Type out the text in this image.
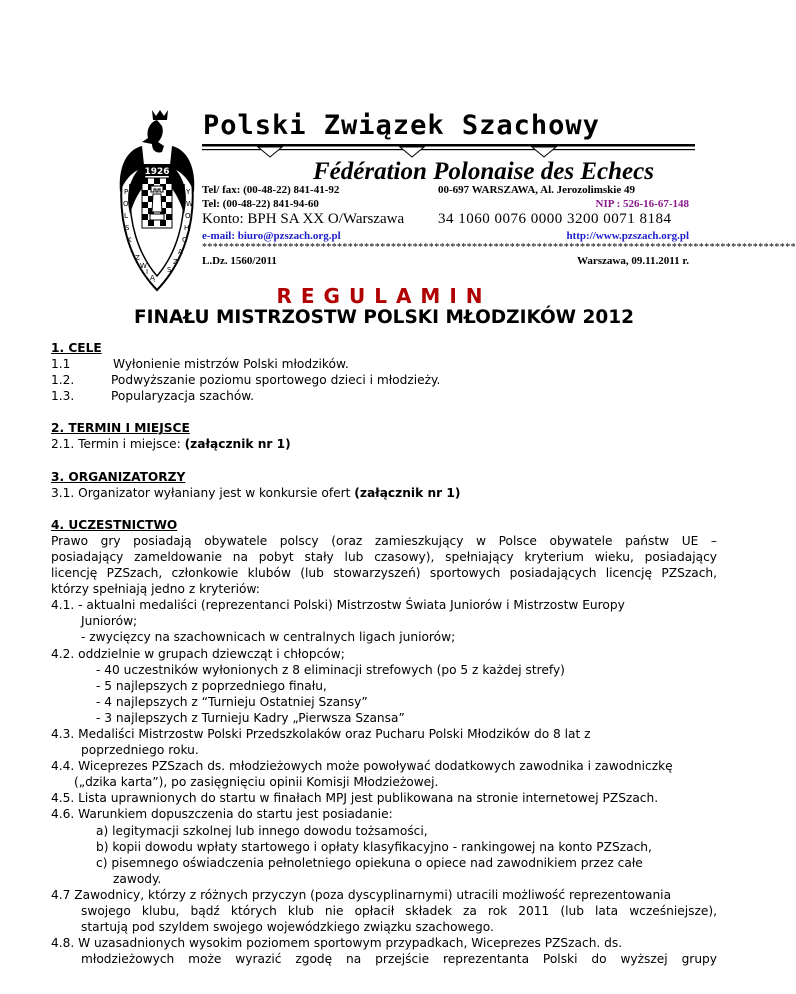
1926
P O L S K I ZWIĄ Y W O H C A Z S
Polski Związek Szachowy
Fédération Polonaise des Echecs
Tel/ fax: (00-48-22) 841-41-92
Tel: (00-48-22) 841-94-60
00-697 WARSZAWA, Al. Jerozolimskie 49
NIP : 526-16-67-148
Konto: BPH SA XX O/Warszawa 34 1060 0076 0000 3200 0071 8184
e-mail: biuro@pzszach.org.pl	http://www.pzszach.org.pl
**************************************************************************************************************
L.Dz. 1560/2011	Warszawa, 09.11.2011 r.
REGULAMIN
FINAŁU MISTRZOSTW POLSKI MŁODZIKÓW 2012

1. CELE

1.1	Wyłonienie mistrzów Polski młodzików.

1.2.	Podwyższanie poziomu sportowego dzieci i młodzieży.

1.3.	Popularyzacja szachów.

2. TERMIN I MIEJSCE

2.1. Termin i miejsce: (załącznik nr 1)

3. ORGANIZATORZY

3.1. Organizator wyłaniany jest w konkursie ofert (załącznik nr 1)

4. UCZESTNICTWO

Prawo gry posiadają obywatele polscy (oraz zamieszkujący w Polsce obywatele państw UE –

posiadający zameldowanie na pobyt stały lub czasowy), spełniający kryterium wieku, posiadający

licencję PZSzach, członkowie klubów (lub stowarzyszeń) sportowych posiadających licencję PZSzach,

którzy spełniają jedno z kryteriów:

4.1. - aktualni medaliści (reprezentanci Polski) Mistrzostw Świata Juniorów i Mistrzostw Europy

Juniorów;

- zwycięzcy na szachownicach w centralnych ligach juniorów;

4.2. oddzielnie w grupach dziewcząt i chłopców;

- 40 uczestników wyłonionych z 8 eliminacji strefowych (po 5 z każdej strefy)

- 5 najlepszych z poprzedniego finału,

- 4 najlepszych z “Turnieju Ostatniej Szansy”

- 3 najlepszych z Turnieju Kadry „Pierwsza Szansa”

4.3. Medaliści Mistrzostw Polski Przedszkolaków oraz Pucharu Polski Młodzików do 8 lat z

poprzedniego roku.

4.4. Wiceprezes PZSzach ds. młodzieżowych może powoływać dodatkowych zawodnika i zawodniczkę

(„dzika karta”), po zasięgnięciu opinii Komisji Młodzieżowej.

4.5. Lista uprawnionych do startu w finałach MPJ jest publikowana na stronie internetowej PZSzach.

4.6. Warunkiem dopuszczenia do startu jest posiadanie:

a) legitymacji szkolnej lub innego dowodu tożsamości,

b) kopii dowodu wpłaty startowego i opłaty klasyfikacyjno - rankingowej na konto PZSzach,

c) pisemnego oświadczenia pełnoletniego opiekuna o opiece nad zawodnikiem przez całe

zawody.

4.7 Zawodnicy, którzy z różnych przyczyn (poza dyscyplinarnymi) utracili możliwość reprezentowania

swojego klubu, bądź których klub nie opłacił składek za rok 2011 (lub lata wcześniejsze),

startują pod szyldem swojego wojewódzkiego związku szachowego.

4.8. W uzasadnionych wysokim poziomem sportowym przypadkach, Wiceprezes PZSzach. ds.

młodzieżowych może wyrazić zgodę na przejście reprezentanta Polski do wyższej grupy
